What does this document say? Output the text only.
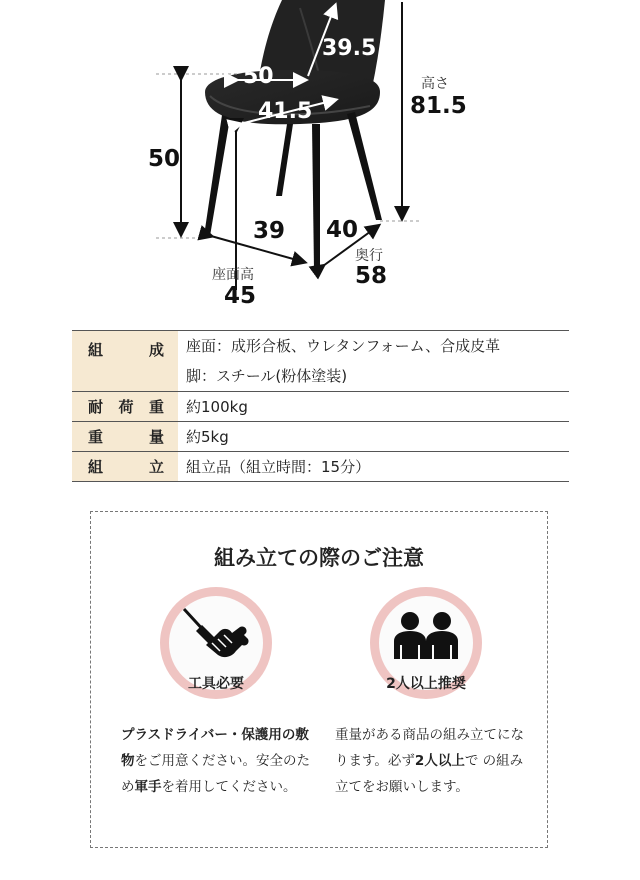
39.5
50
41.5
高さ
81.5
50
39 40
奥行
58
座面高
45
組成	座面：成形合板、ウレタンフォーム、合成皮革
脚：スチール(粉体塗装)

耐荷重	約100kg
重量	約5kg
組立	組立品（組立時間：15分）
組み立ての際のご注意
工具必要	2人以上推奨
プラスドライバー・保護用の敷物をご用意ください。安全のため軍手を着用してください。
重量がある商品の組み立てになります。必ず2人以上で の組み立てをお願いします。
